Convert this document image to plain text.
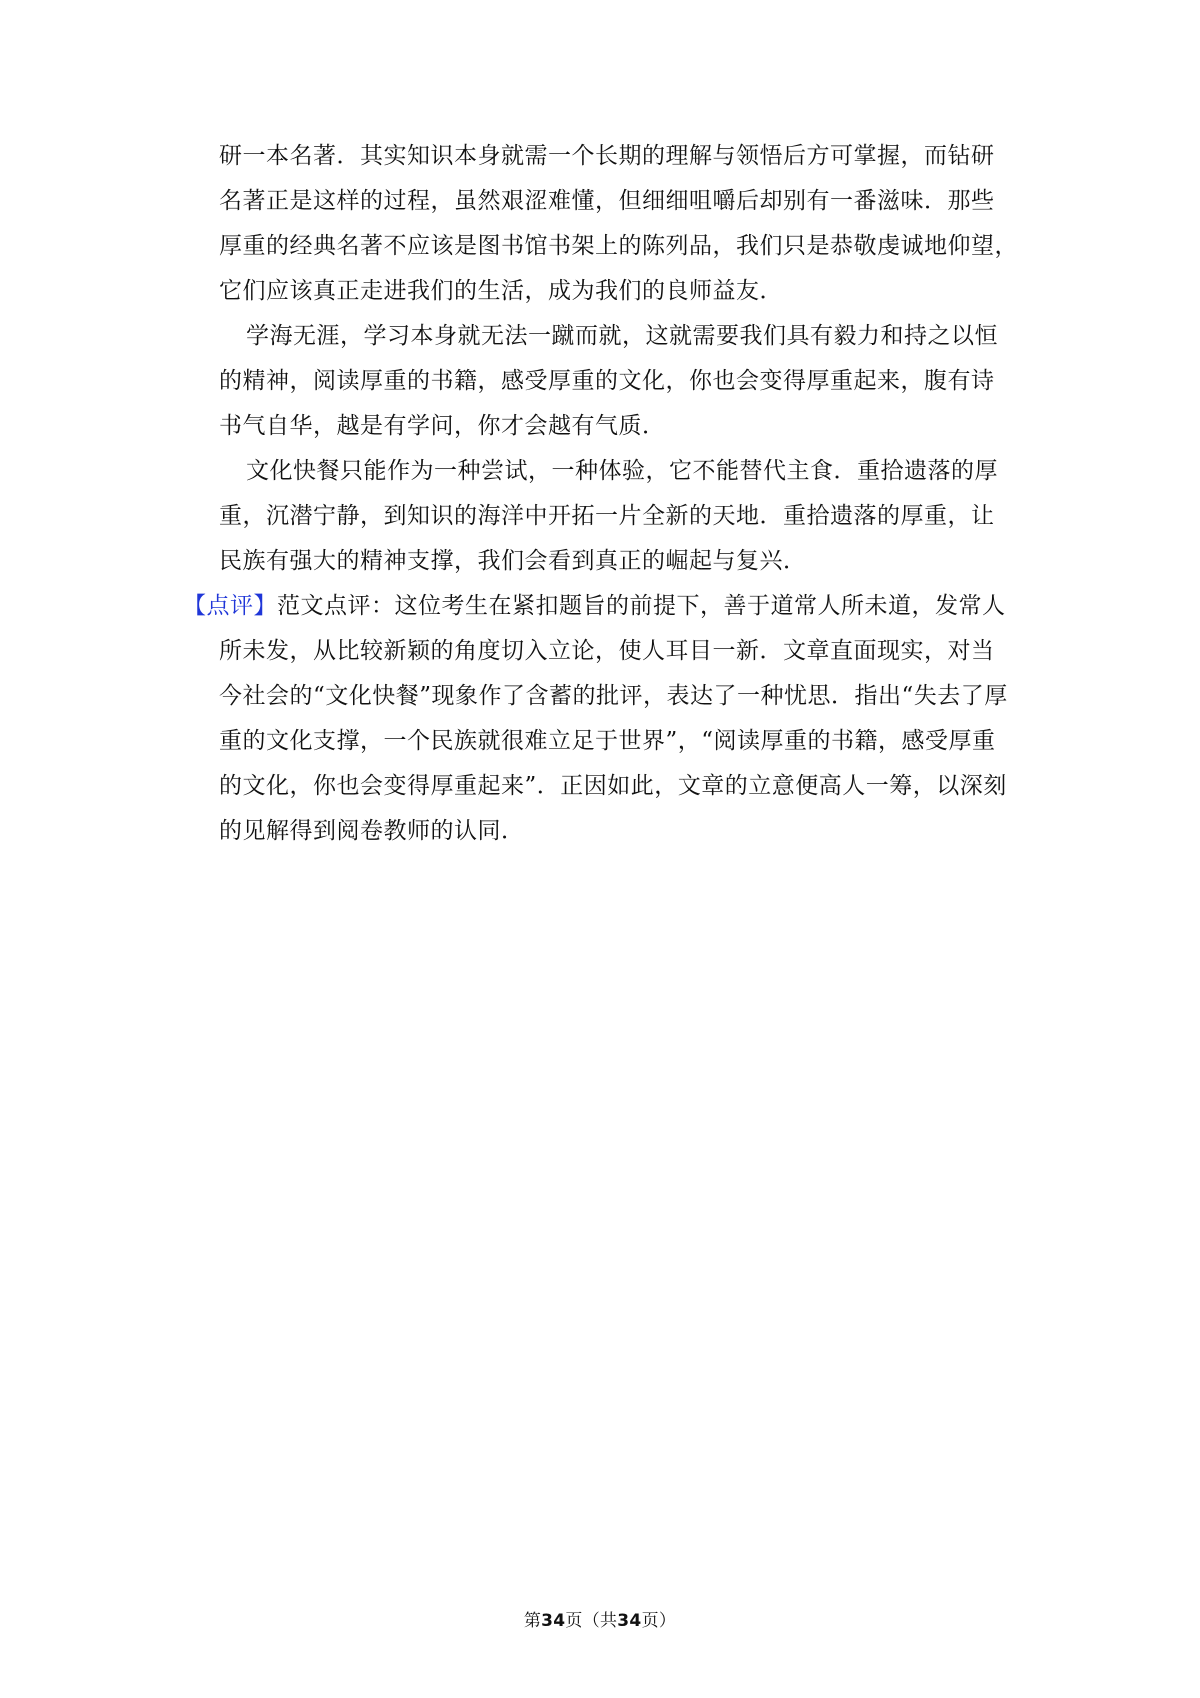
研一本名著．其实知识本身就需一个长期的理解与领悟后方可掌握，而钻研
名著正是这样的过程，虽然艰涩难懂，但细细咀嚼后却别有一番滋味．那些
厚重的经典名著不应该是图书馆书架上的陈列品，我们只是恭敬虔诚地仰望，
它们应该真正走进我们的生活，成为我们的良师益友．
学海无涯，学习本身就无法一蹴而就，这就需要我们具有毅力和持之以恒
的精神，阅读厚重的书籍，感受厚重的文化，你也会变得厚重起来，腹有诗
书气自华，越是有学问，你才会越有气质．
文化快餐只能作为一种尝试，一种体验，它不能替代主食．重拾遗落的厚
重，沉潜宁静，到知识的海洋中开拓一片全新的天地．重拾遗落的厚重，让
民族有强大的精神支撑，我们会看到真正的崛起与复兴．
【点评】范文点评：这位考生在紧扣题旨的前提下，善于道常人所未道，发常人
所未发，从比较新颖的角度切入立论，使人耳目一新．文章直面现实，对当
今社会的“文化快餐”现象作了含蓄的批评，表达了一种忧思．指出“失去了厚
重的文化支撑，一个民族就很难立足于世界”，“阅读厚重的书籍，感受厚重
的文化，你也会变得厚重起来”．正因如此，文章的立意便高人一筹，以深刻
的见解得到阅卷教师的认同．
第34页（共34页）
